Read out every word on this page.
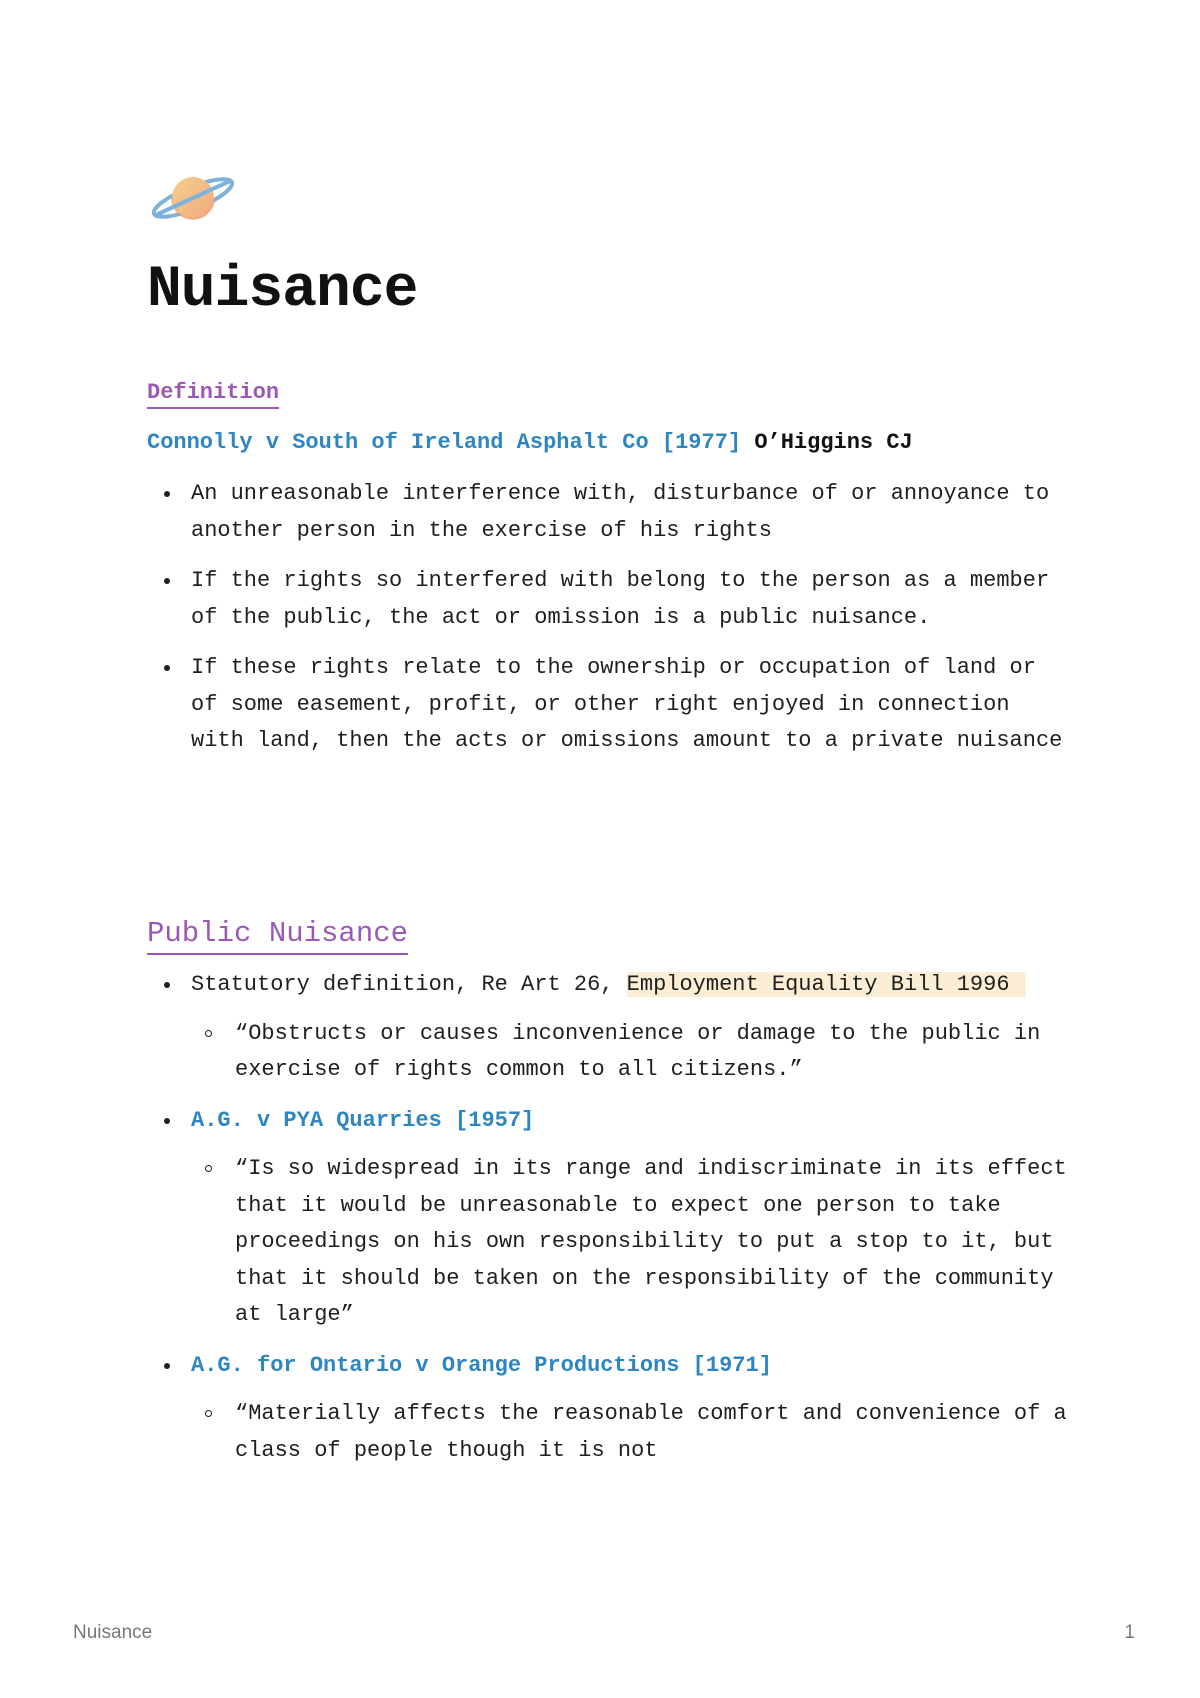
Nuisance
Definition
Connolly v South of Ireland Asphalt Co [1977] O’Higgins CJ
An unreasonable interference with, disturbance of or annoyance to another person in the exercise of his rights
If the rights so interfered with belong to the person as a member of the public, the act or omission is a public nuisance.
If these rights relate to the ownership or occupation of land or of some easement, profit, or other right enjoyed in connection with land, then the acts or omissions amount to a private nuisance
Public Nuisance
Statutory definition, Re Art 26, Employment Equality Bill 1996
“Obstructs or causes inconvenience or damage to the public in exercise of rights common to all citizens.”
A.G. v PYA Quarries [1957]
“Is so widespread in its range and indiscriminate in its effect that it would be unreasonable to expect one person to take proceedings on his own responsibility to put a stop to it, but that it should be taken on the responsibility of the community at large”
A.G. for Ontario v Orange Productions [1971]
“Materially affects the reasonable comfort and convenience of a class of people though it is not
Nuisance	1
